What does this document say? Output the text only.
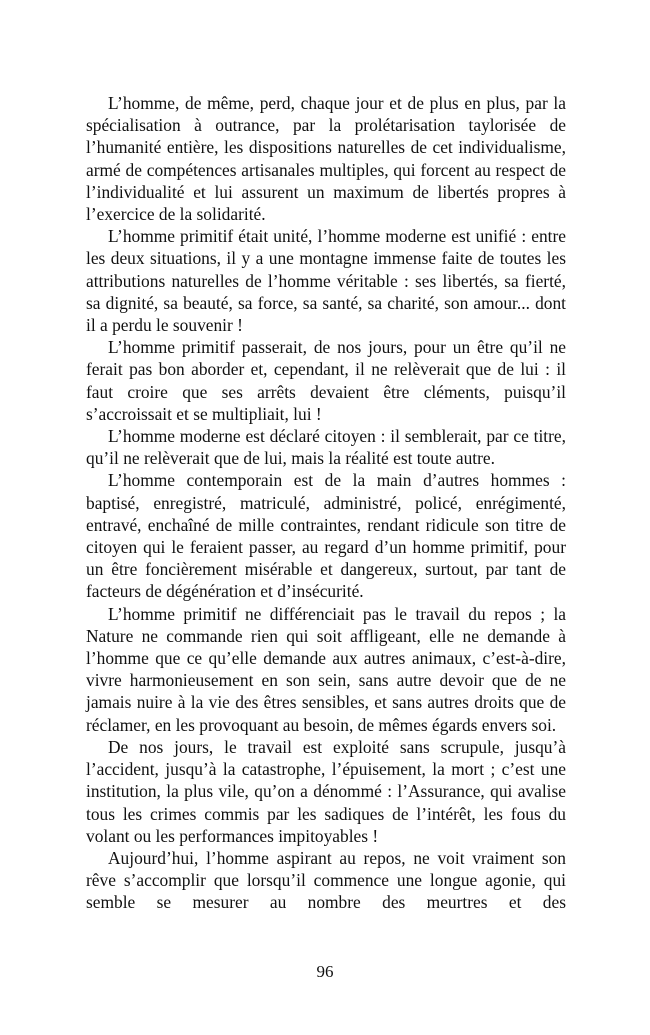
L’homme, de même, perd, chaque jour et de plus en plus, par la spécialisation à outrance, par la prolétarisation taylorisée de l’humanité entière, les dispositions naturelles de cet individualisme, armé de compétences artisanales multiples, qui forcent au respect de l’individualité et lui assurent un maximum de libertés propres à l’exercice de la solidarité.

L’homme primitif était unité, l’homme moderne est unifié : entre les deux situations, il y a une montagne immense faite de toutes les attributions naturelles de l’homme véritable : ses libertés, sa fierté, sa dignité, sa beauté, sa force, sa santé, sa charité, son amour... dont il a perdu le souvenir !

L’homme primitif passerait, de nos jours, pour un être qu’il ne ferait pas bon aborder et, cependant, il ne relèverait que de lui : il faut croire que ses arrêts devaient être cléments, puisqu’il s’accroissait et se multipliait, lui !

L’homme moderne est déclaré citoyen : il semblerait, par ce titre, qu’il ne relèverait que de lui, mais la réalité est toute autre.

L’homme contemporain est de la main d’autres hommes : baptisé, enregistré, matriculé, administré, policé, enrégimenté, entravé, enchaîné de mille contraintes, rendant ridicule son titre de citoyen qui le feraient passer, au regard d’un homme primitif, pour un être foncièrement misérable et dangereux, surtout, par tant de facteurs de dégénération et d’insécurité.

L’homme primitif ne différenciait pas le travail du repos ; la Nature ne commande rien qui soit affligeant, elle ne demande à l’homme que ce qu’elle demande aux autres animaux, c’est-à-dire, vivre harmonieusement en son sein, sans autre devoir que de ne jamais nuire à la vie des êtres sensibles, et sans autres droits que de réclamer, en les provoquant au besoin, de mêmes égards envers soi.

De nos jours, le travail est exploité sans scrupule, jusqu’à l’accident, jusqu’à la catastrophe, l’épuisement, la mort ; c’est une institution, la plus vile, qu’on a dénommé : l’Assurance, qui avalise tous les crimes commis par les sadiques de l’intérêt, les fous du volant ou les performances impitoyables !

Aujourd’hui, l’homme aspirant au repos, ne voit vraiment son rêve s’accomplir que lorsqu’il commence une longue agonie, qui semble se mesurer au nombre des meurtres et des

96
